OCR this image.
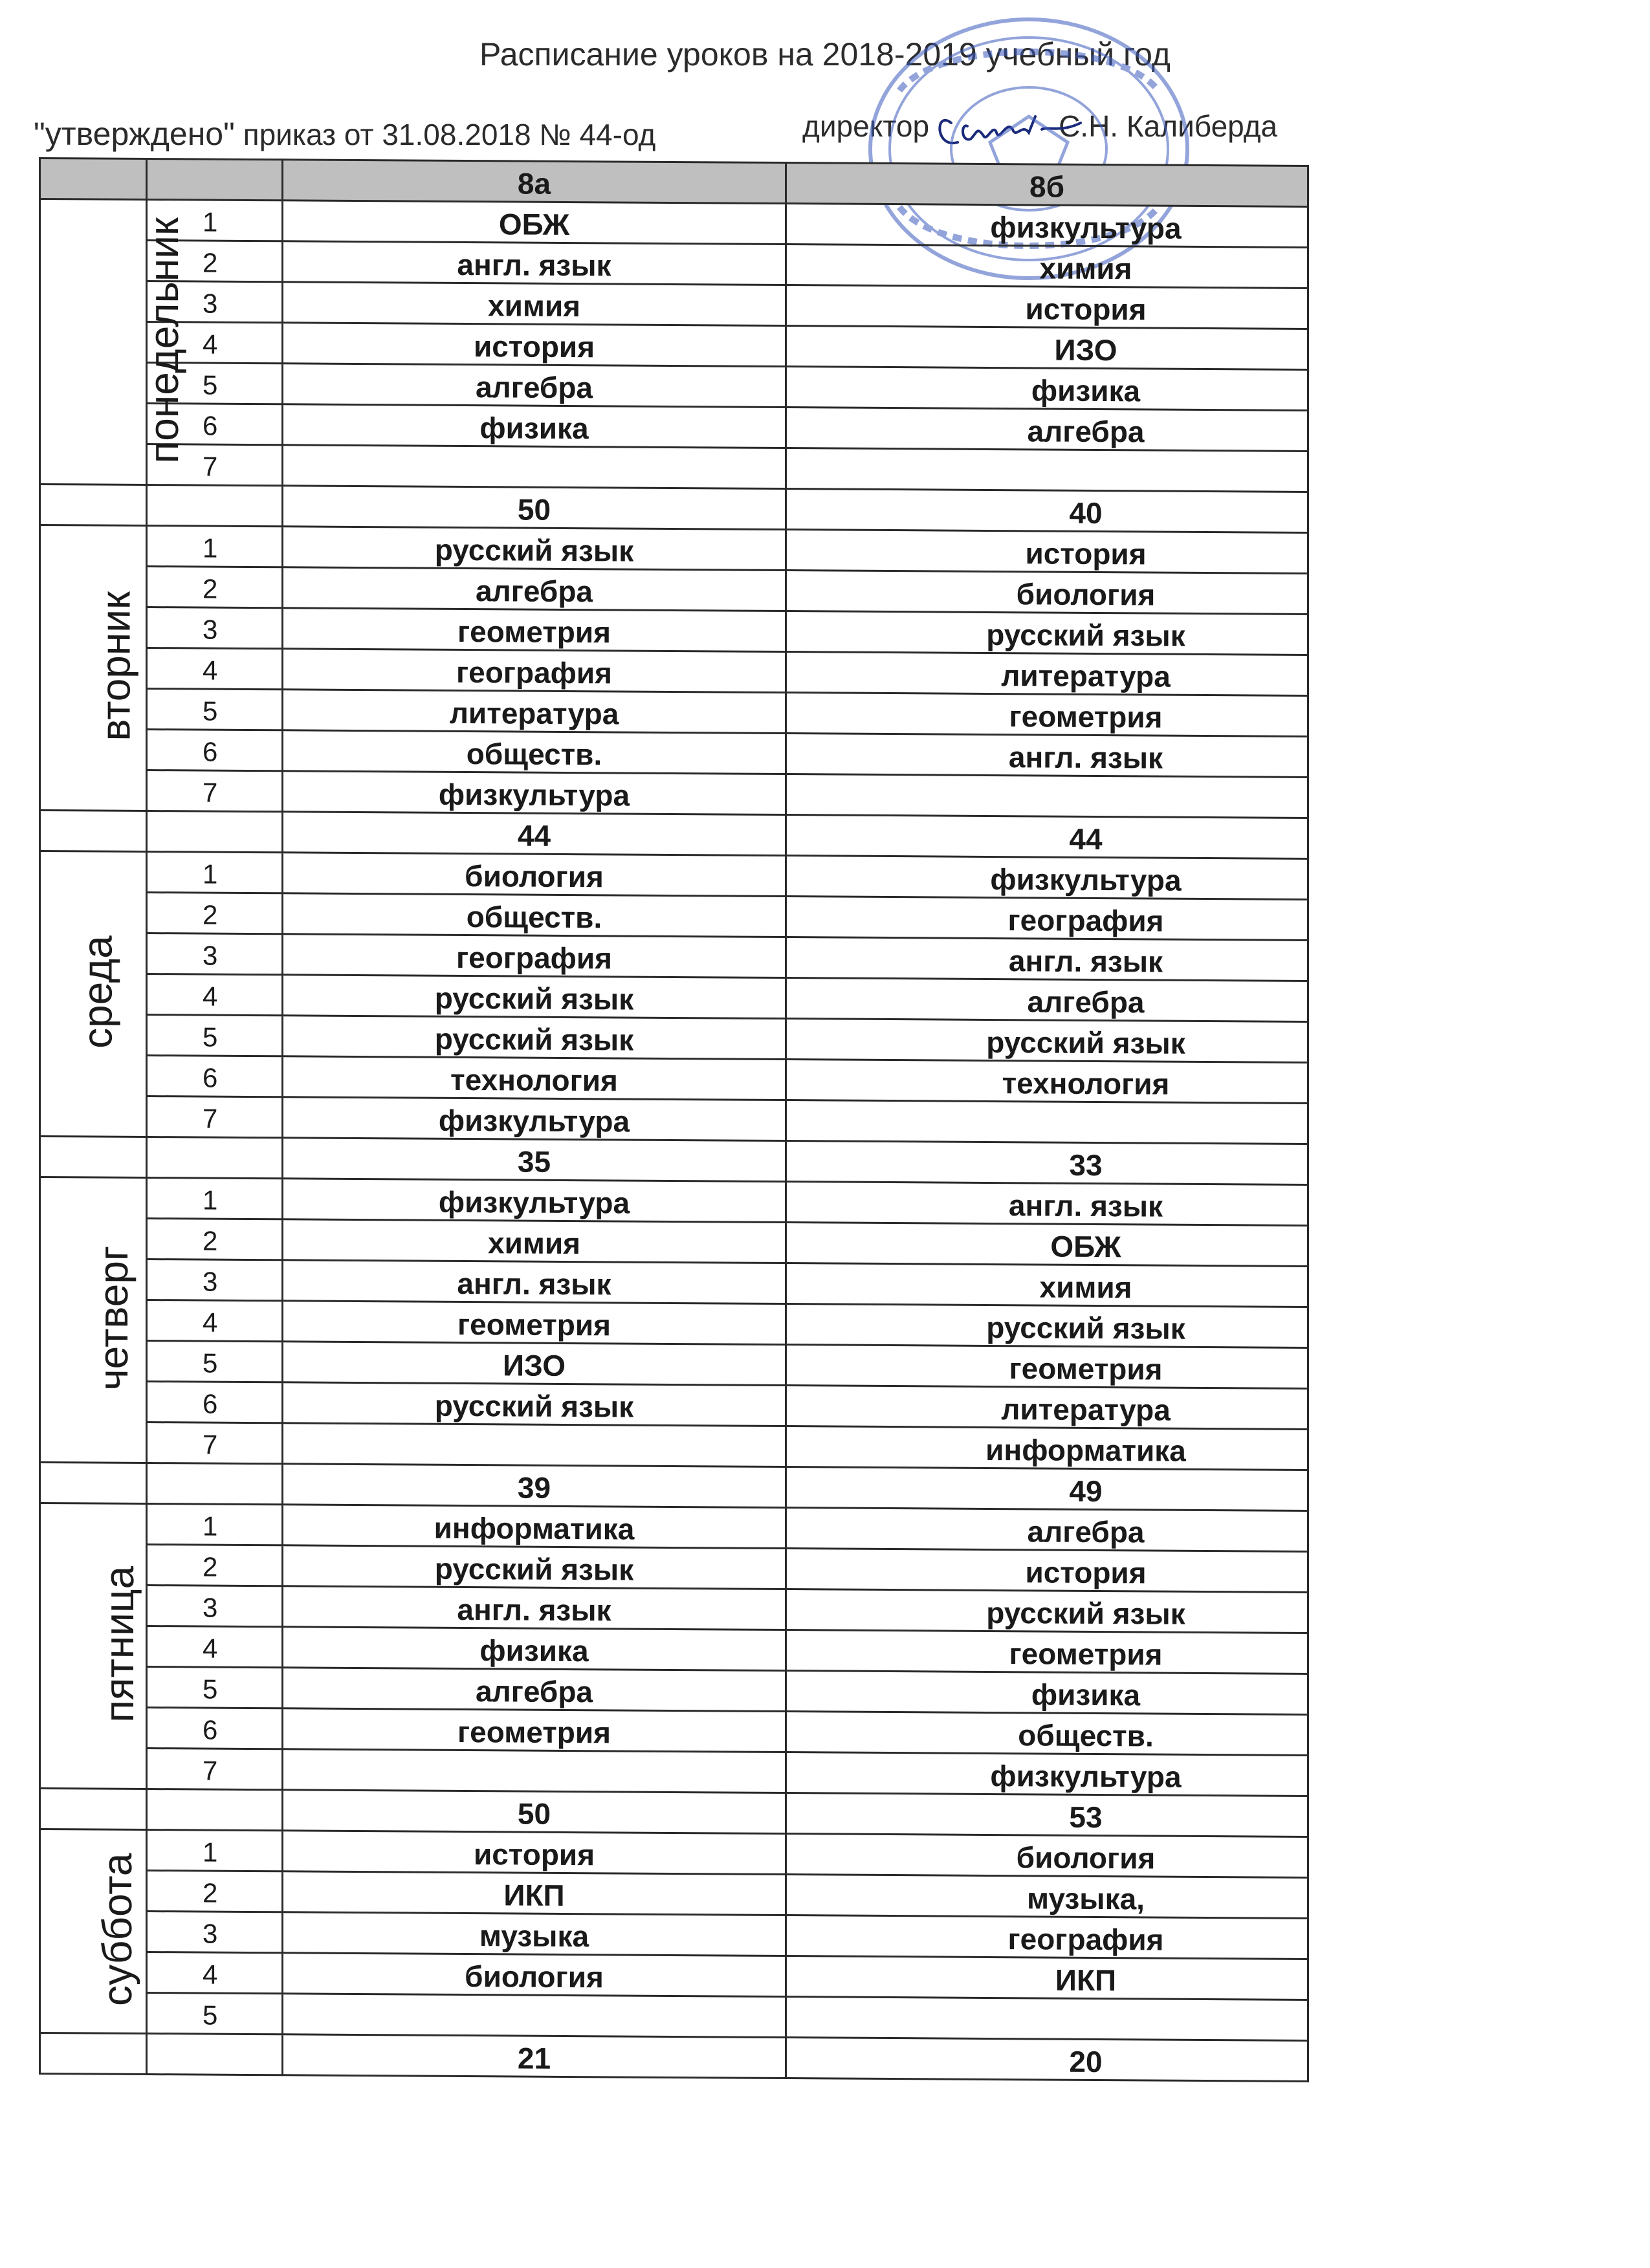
Расписание уроков на 2018-2019 учебный год
"утверждено" приказ от 31.08.2018 № 44-од	директор	С.Н. Калиберда
		8а	8б
понедельник	1	ОБЖ	физкультура
	2	англ. язык	химия
	3	химия	история
	4	история	ИЗО
	5	алгебра	физика
	6	физика	алгебра
	7		
		50	40
вторник	1	русский язык	история
	2	алгебра	биология
	3	геометрия	русский язык
	4	география	литература
	5	литература	геометрия
	6	обществ.	англ. язык
	7	физкультура	
		44	44
среда	1	биология	физкультура
	2	обществ.	география
	3	география	англ. язык
	4	русский язык	алгебра
	5	русский язык	русский язык
	6	технология	технология
	7	физкультура	
		35	33
четверг	1	физкультура	англ. язык
	2	химия	ОБЖ
	3	англ. язык	химия
	4	геометрия	русский язык
	5	ИЗО	геометрия
	6	русский язык	литература
	7		информатика
		39	49
пятница	1	информатика	алгебра
	2	русский язык	история
	3	англ. язык	русский язык
	4	физика	геометрия
	5	алгебра	физика
	6	геометрия	обществ.
	7		физкультура
		50	53
суббота	1	история	биология
	2	ИКП	музыка,
	3	музыка	география
	4	биология	ИКП
	5		
		21	20
